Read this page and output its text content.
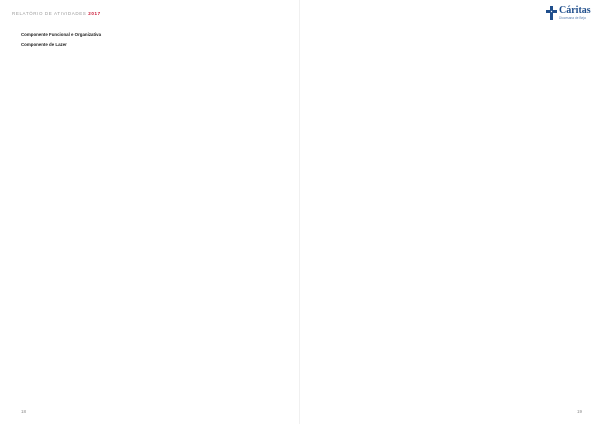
RELATÓRIO DE ATIVIDADES 2017

Componente Funcional e Organizativa

Componente de Lazer

18
Cáritas
Diocesana de Beja

19
